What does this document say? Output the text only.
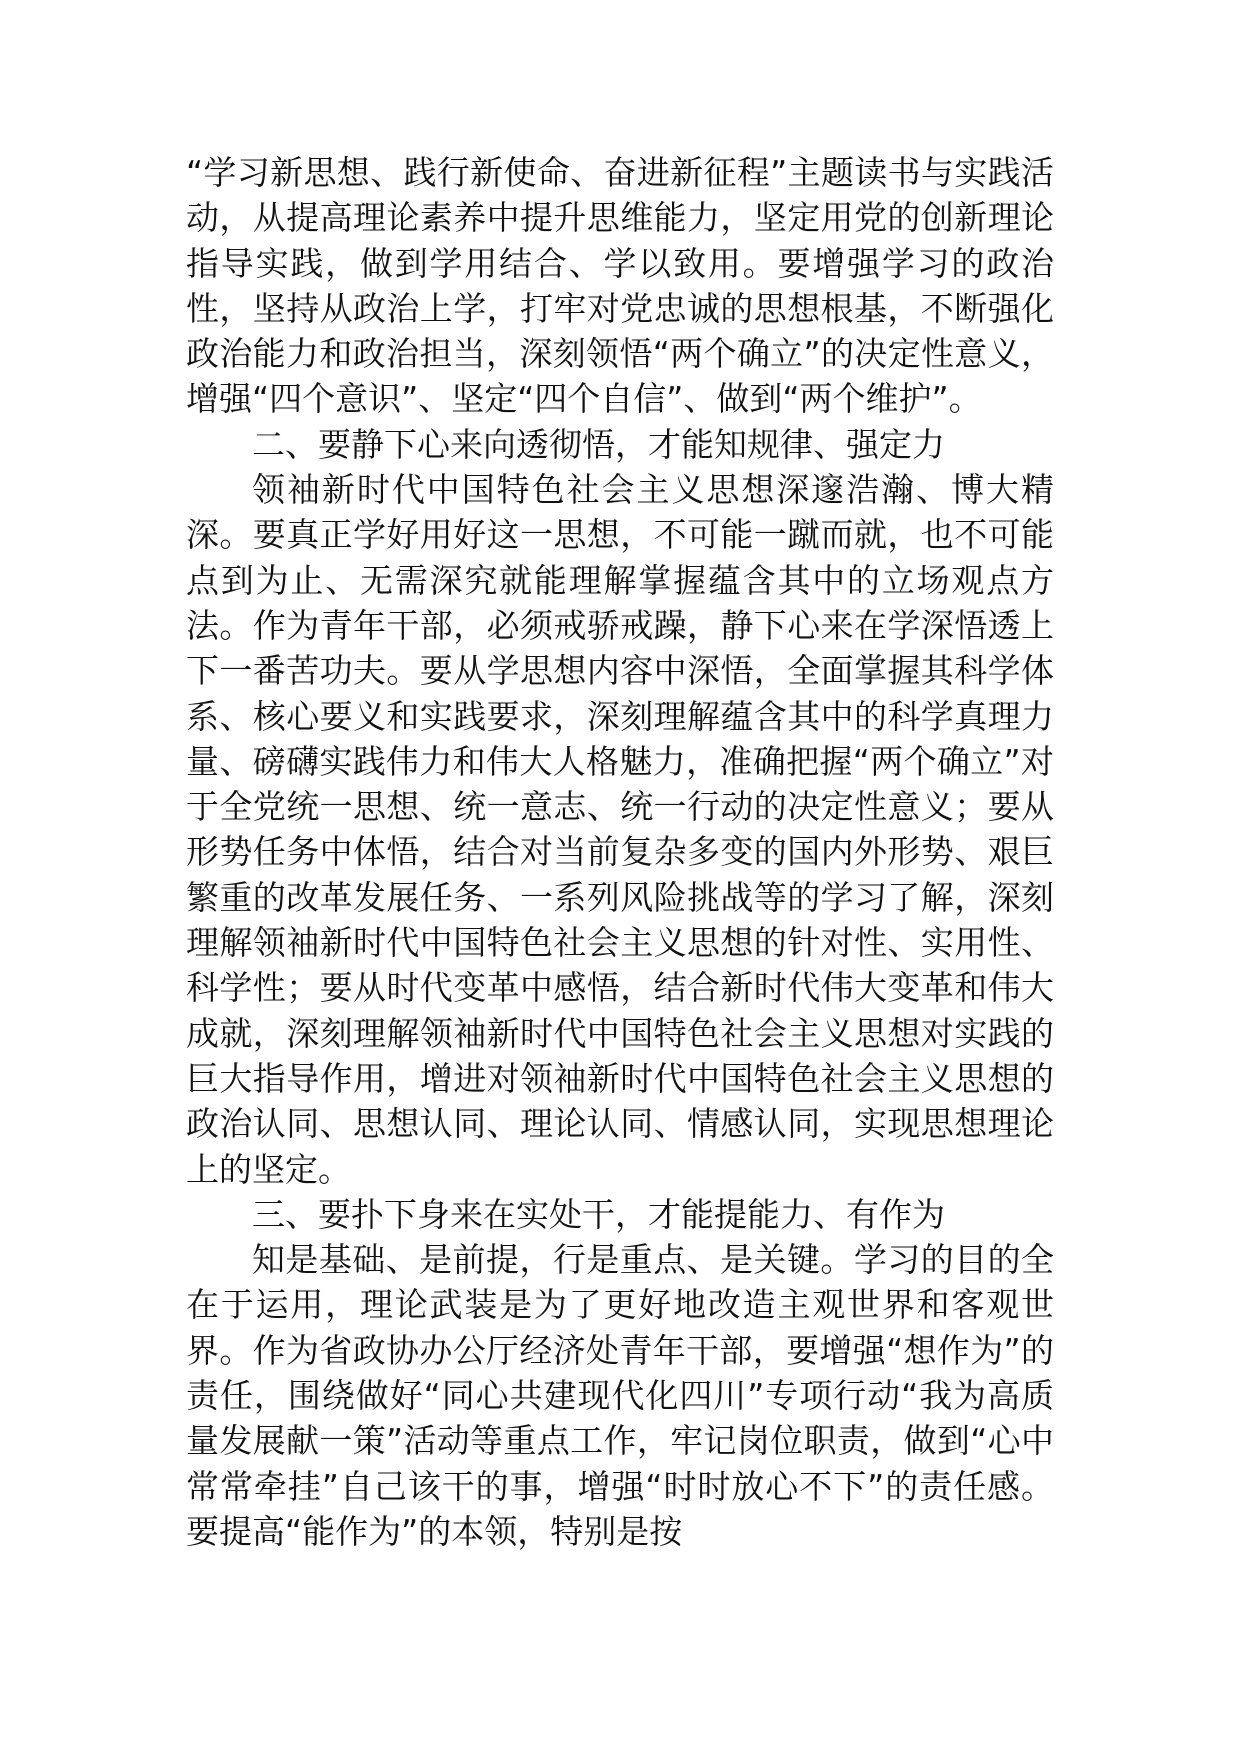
“学习新思想、践行新使命、奋进新征程”主题读书与实践活动，从提高理论素养中提升思维能力，坚定用党的创新理论指导实践，做到学用结合、学以致用。要增强学习的政治性，坚持从政治上学，打牢对党忠诚的思想根基，不断强化政治能力和政治担当，深刻领悟“两个确立”的决定性意义，增强“四个意识”、坚定“四个自信”、做到“两个维护”。

二、要静下心来向透彻悟，才能知规律、强定力

领袖新时代中国特色社会主义思想深邃浩瀚、博大精深。要真正学好用好这一思想，不可能一蹴而就，也不可能点到为止、无需深究就能理解掌握蕴含其中的立场观点方法。作为青年干部，必须戒骄戒躁，静下心来在学深悟透上下一番苦功夫。要从学思想内容中深悟，全面掌握其科学体系、核心要义和实践要求，深刻理解蕴含其中的科学真理力量、磅礴实践伟力和伟大人格魅力，准确把握“两个确立”对于全党统一思想、统一意志、统一行动的决定性意义；要从形势任务中体悟，结合对当前复杂多变的国内外形势、艰巨繁重的改革发展任务、一系列风险挑战等的学习了解，深刻理解领袖新时代中国特色社会主义思想的针对性、实用性、科学性；要从时代变革中感悟，结合新时代伟大变革和伟大成就，深刻理解领袖新时代中国特色社会主义思想对实践的巨大指导作用，增进对领袖新时代中国特色社会主义思想的政治认同、思想认同、理论认同、情感认同，实现思想理论上的坚定。

三、要扑下身来在实处干，才能提能力、有作为

知是基础、是前提，行是重点、是关键。学习的目的全在于运用，理论武装是为了更好地改造主观世界和客观世界。作为省政协办公厅经济处青年干部，要增强“想作为”的责任，围绕做好“同心共建现代化四川”专项行动“我为高质量发展献一策”活动等重点工作，牢记岗位职责，做到“心中常常牵挂”自己该干的事，增强“时时放心不下”的责任感。要提高“能作为”的本领，特别是按
